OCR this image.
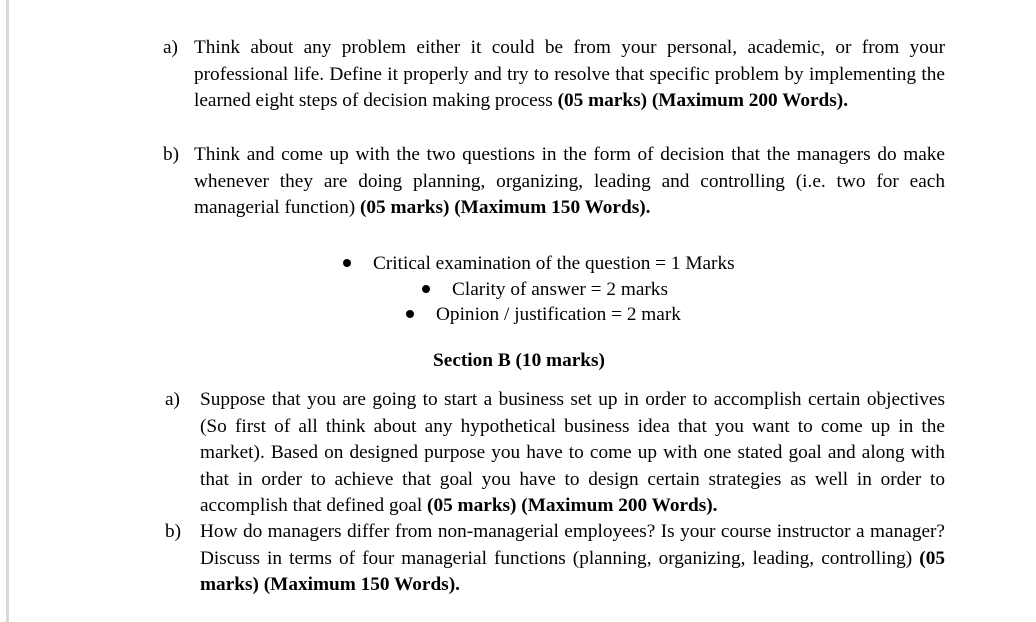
a) Think about any problem either it could be from your personal, academic, or from your professional life. Define it properly and try to resolve that specific problem by implementing the learned eight steps of decision making process (05 marks) (Maximum 200 Words).
b) Think and come up with the two questions in the form of decision that the managers do make whenever they are doing planning, organizing, leading and controlling (i.e. two for each managerial function) (05 marks) (Maximum 150 Words).
Critical examination of the question = 1 Marks
Clarity of answer = 2 marks
Opinion / justification = 2 mark
Section B (10 marks)
a)	Suppose that you are going to start a business set up in order to accomplish certain objectives (So first of all think about any hypothetical business idea that you want to come up in the market). Based on designed purpose you have to come up with one stated goal and along with that in order to achieve that goal you have to design certain strategies as well in order to accomplish that defined goal (05 marks) (Maximum 200 Words).
b) How do managers differ from non-managerial employees? Is your course instructor a manager? Discuss in terms of four managerial functions (planning, organizing, leading, controlling) (05 marks) (Maximum 150 Words).
